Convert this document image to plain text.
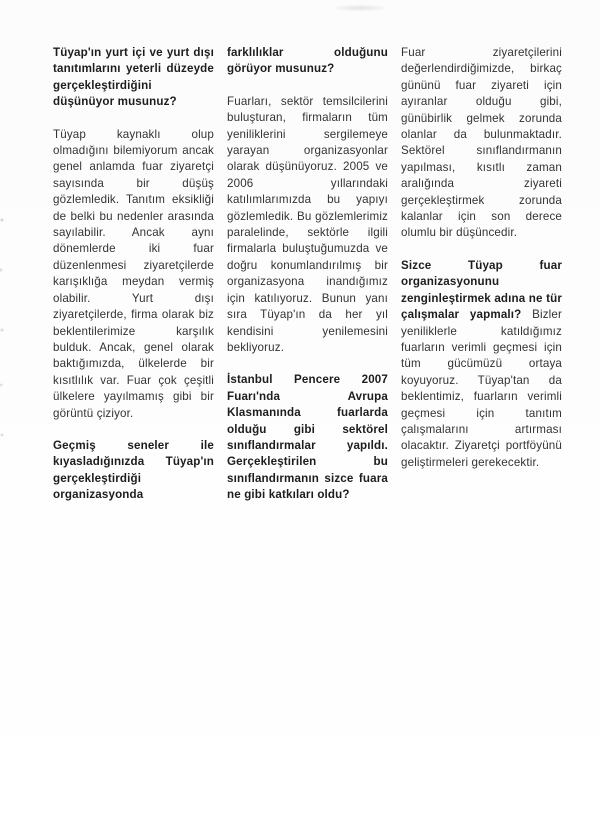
Tüyap'ın yurt içi ve yurt dışı tanıtımlarını yeterli düzeyde gerçekleştirdiğini düşünüyor musunuz?

Tüyap kaynaklı olup olmadığını bilemiyorum ancak genel anlamda fuar ziyaretçi sayısında bir düşüş gözlemledik. Tanıtım eksikliği de belki bu nedenler arasında sayılabilir. Ancak aynı dönemlerde iki fuar düzenlenmesi ziyaretçilerde karışıklığa meydan vermiş olabilir. Yurt dışı ziyaretçilerde, firma olarak biz beklentilerimize karşılık bulduk. Ancak, genel olarak baktığımızda, ülkelerde bir kısıtlılık var. Fuar çok çeşitli ülkelere yayılmamış gibi bir görüntü çiziyor.

Geçmiş seneler ile kıyasladığınızda Tüyap'ın gerçekleştirdiği organizasyonda

farklılıklar olduğunu görüyor musunuz?

Fuarları, sektör temsilcilerini buluşturan, firmaların tüm yeniliklerini sergilemeye yarayan organizasyonlar olarak düşünüyoruz. 2005 ve 2006 yıllarındaki katılımlarımızda bu yapıyı gözlemledik. Bu gözlemlerimiz paralelinde, sektörle ilgili firmalarla buluştuğumuzda ve doğru konumlandırılmış bir organizasyona inandığımız için katılıyoruz. Bunun yanı sıra Tüyap'ın da her yıl kendisini yenilemesini bekliyoruz.

İstanbul Pencere 2007 Fuarı'nda Avrupa Klasmanında fuarlarda olduğu gibi sektörel sınıflandırmalar yapıldı. Gerçekleştirilen bu sınıflandırmanın sizce fuara ne gibi katkıları oldu?

Fuar ziyaretçilerini değerlendirdiğimizde, birkaç gününü fuar ziyareti için ayıranlar olduğu gibi, günübirlik gelmek zorunda olanlar da bulunmaktadır. Sektörel sınıflandırmanın yapılması, kısıtlı zaman aralığında ziyareti gerçekleştirmek zorunda kalanlar için son derece olumlu bir düşüncedir.

Sizce Tüyap fuar organizasyonunu zenginleştirmek adına ne tür çalışmalar yapmalı? Bizler yeniliklerle katıldığımız fuarların verimli geçmesi için tüm gücümüzü ortaya koyuyoruz. Tüyap'tan da beklentimiz, fuarların verimli geçmesi için tanıtım çalışmalarını artırması olacaktır. Ziyaretçi portföyünü geliştirmeleri gerekecektir.
